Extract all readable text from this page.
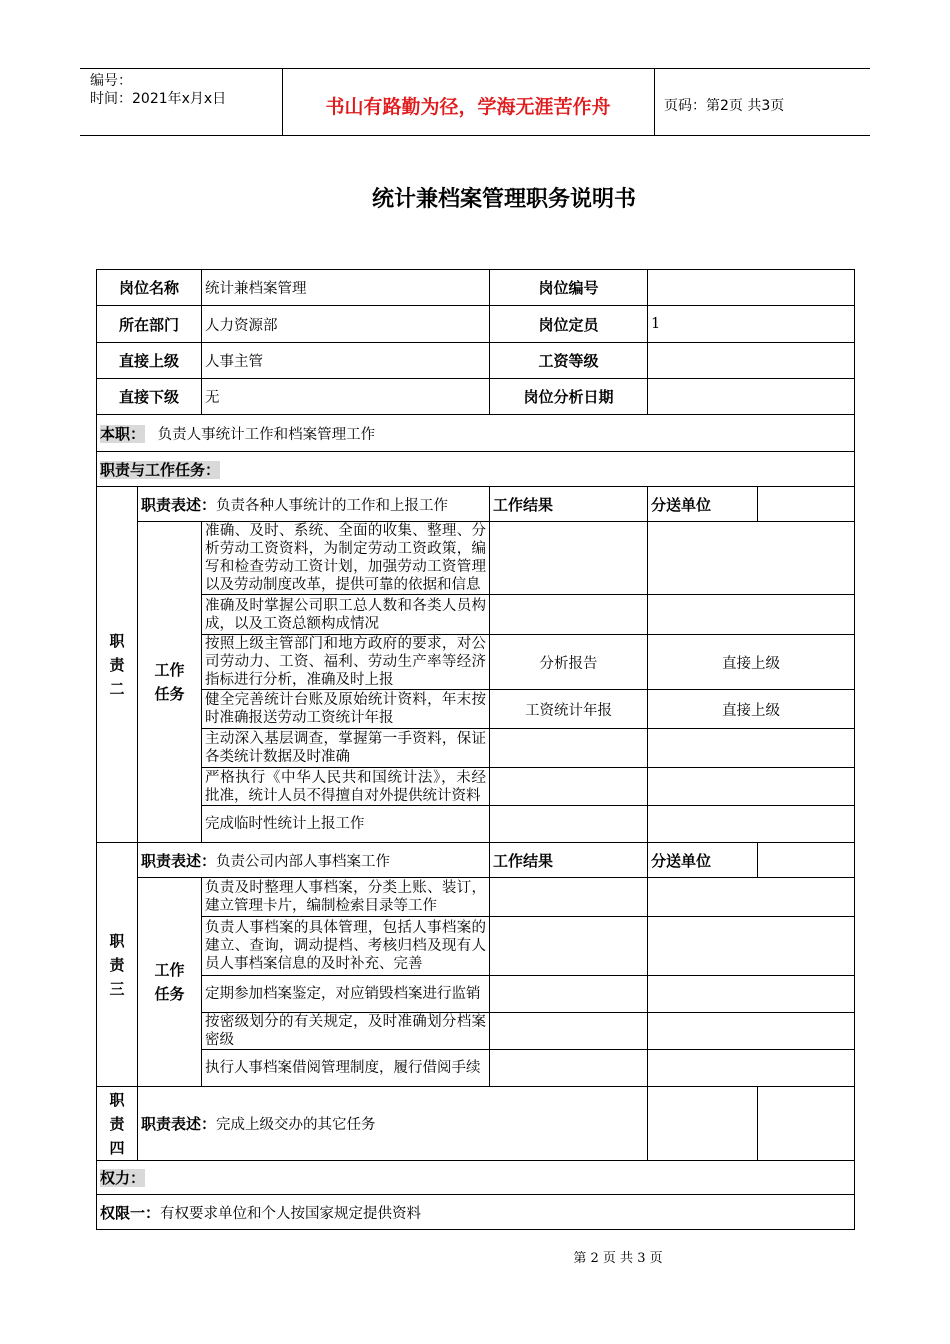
编号：
时间：2021年x月x日	书山有路勤为径，学海无涯苦作舟	页码：第2页 共3页
统计兼档案管理职务说明书
岗位名称		统计兼档案管理	岗位编号		
所在部门		人力资源部	岗位定员	1	
直接上级		人事主管	工资等级		
直接下级		无	岗位分析日期		
本职： 负责人事统计工作和档案管理工作					
职责与工作任务：					
职责二	职责表述：负责各种人事统计的工作和上报工作		工作结果	分送单位	
	工作任务	准确、及时、系统、全面的收集、整理、分析劳动工资资料，为制定劳动工资政策，编写和检查劳动工资计划，加强劳动工资管理以及劳动制度改革，提供可靠的依据和信息			
		准确及时掌握公司职工总人数和各类人员构成，以及工资总额构成情况			
		按照上级主管部门和地方政府的要求，对公司劳动力、工资、福利、劳动生产率等经济指标进行分析，准确及时上报	分析报告	直接上级	
		健全完善统计台账及原始统计资料，年末按时准确报送劳动工资统计年报	工资统计年报	直接上级	
		主动深入基层调查，掌握第一手资料，保证各类统计数据及时准确			
		严格执行《中华人民共和国统计法》，未经批准，统计人员不得擅自对外提供统计资料			
		完成临时性统计上报工作			
职责三	职责表述：负责公司内部人事档案工作		工作结果	分送单位	
	工作任务	负责及时整理人事档案，分类上账、装订，建立管理卡片，编制检索目录等工作			
		负责人事档案的具体管理，包括人事档案的建立、查询，调动提档、考核归档及现有人员人事档案信息的及时补充、完善			
		定期参加档案鉴定，对应销毁档案进行监销			
		按密级划分的有关规定，及时准确划分档案密级			
		执行人事档案借阅管理制度，履行借阅手续			
职责四	职责表述：完成上级交办的其它任务				
权力：					
权限一：有权要求单位和个人按国家规定提供资料					
第 2 页 共 3 页
